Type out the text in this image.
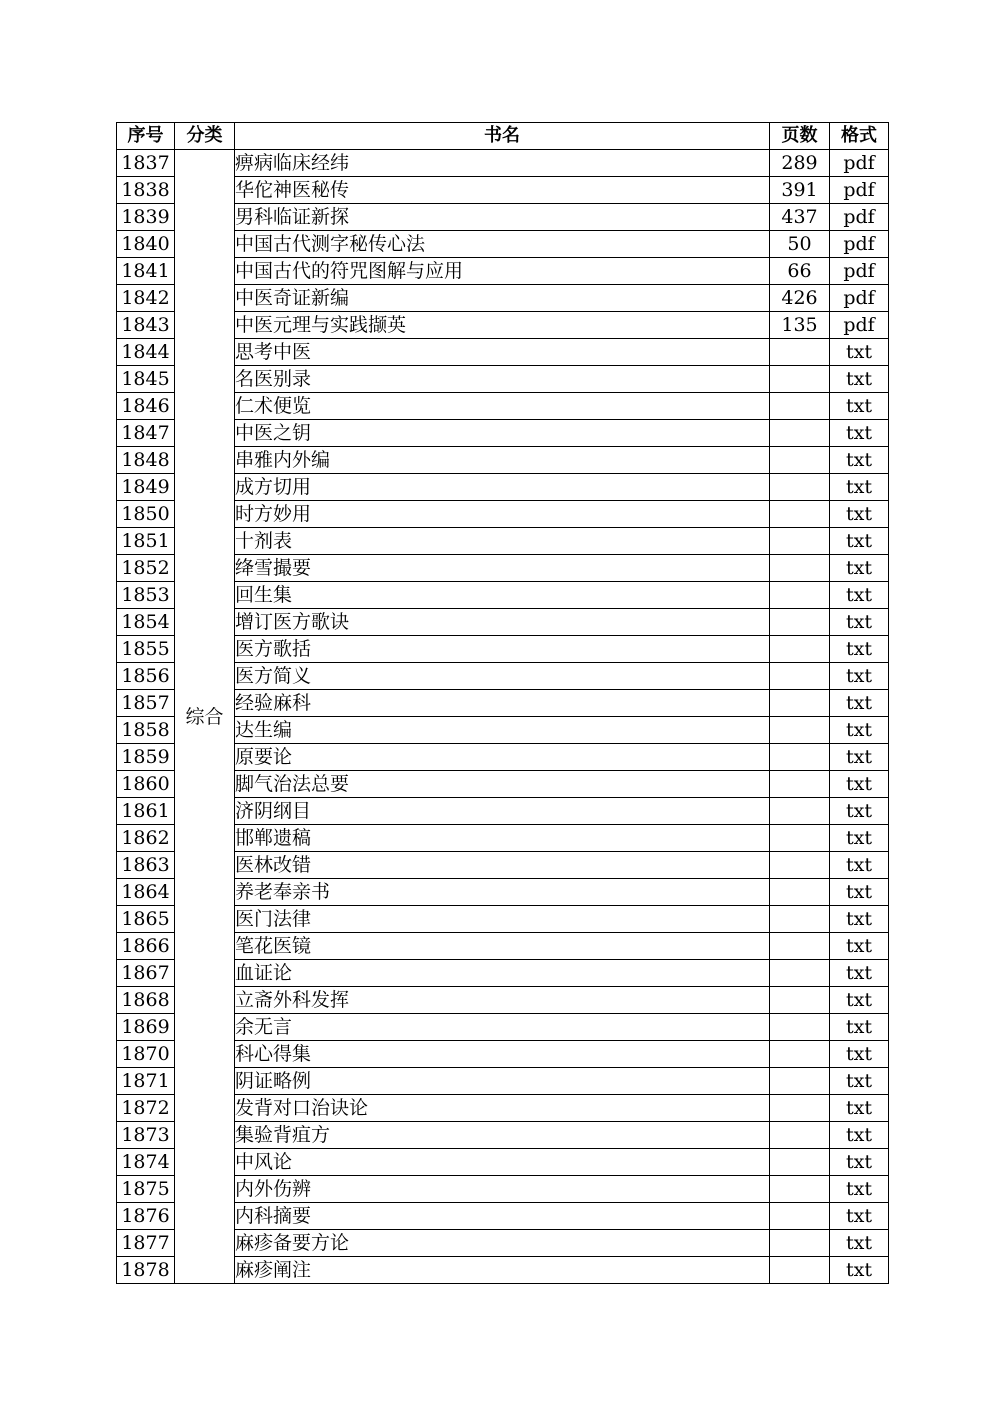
序号	分类	书名	页数	格式
1837	综合	痹病临床经纬	289	pdf
1838		华佗神医秘传	391	pdf
1839		男科临证新探	437	pdf
1840		中国古代测字秘传心法	50	pdf
1841		中国古代的符咒图解与应用	66	pdf
1842		中医奇证新编	426	pdf
1843		中医元理与实践撷英	135	pdf
1844		思考中医		txt
1845		名医别录		txt
1846		仁术便览		txt
1847		中医之钥		txt
1848		串雅内外编		txt
1849		成方切用		txt
1850		时方妙用		txt
1851		十剂表		txt
1852		绛雪撮要		txt
1853		回生集		txt
1854		增订医方歌诀		txt
1855		医方歌括		txt
1856		医方简义		txt
1857		经验麻科		txt
1858		达生编		txt
1859		原要论		txt
1860		脚气治法总要		txt
1861		济阴纲目		txt
1862		邯郸遗稿		txt
1863		医林改错		txt
1864		养老奉亲书		txt
1865		医门法律		txt
1866		笔花医镜		txt
1867		血证论		txt
1868		立斋外科发挥		txt
1869		余无言		txt
1870		科心得集		txt
1871		阴证略例		txt
1872		发背对口治诀论		txt
1873		集验背疽方		txt
1874		中风论		txt
1875		内外伤辨		txt
1876		内科摘要		txt
1877		麻疹备要方论		txt
1878		麻疹阐注		txt
